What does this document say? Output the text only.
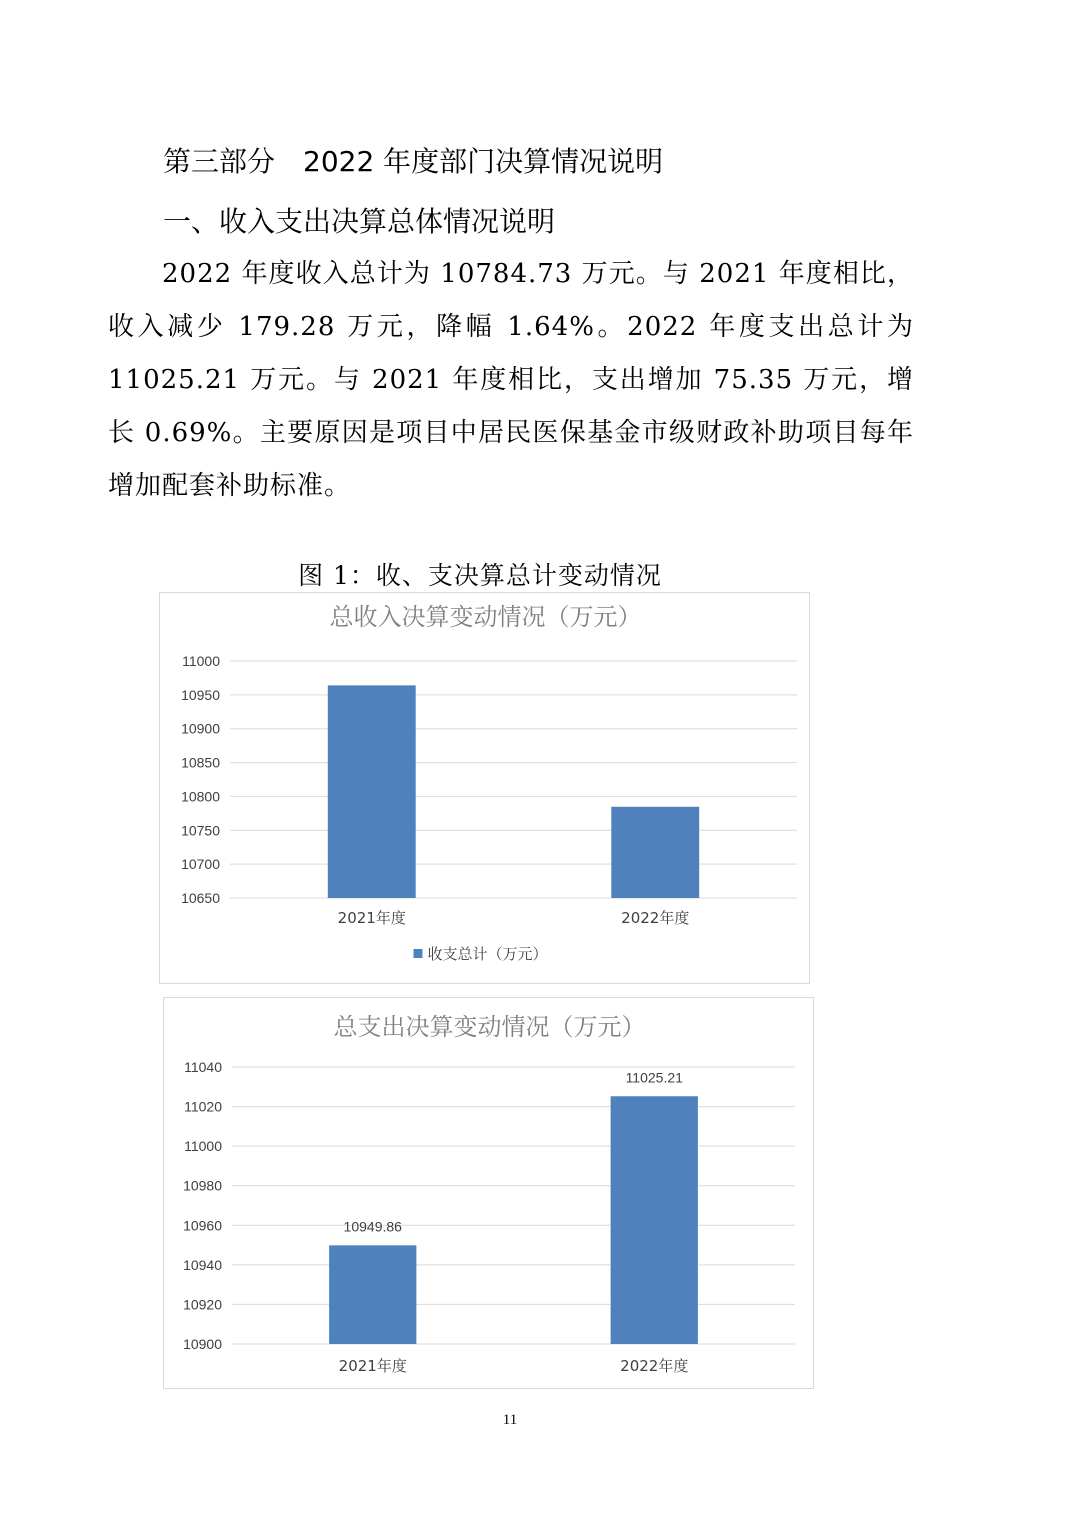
第三部分　2022 年度部门决算情况说明
一、收入支出决算总体情况说明

2022 年度收入总计为 10784.73 万元。与 2021 年度相比，收入减少 179.28 万元，降幅 1.64%。2022 年度支出总计为 11025.21 万元。与 2021 年度相比，支出增加 75.35 万元，增长 0.69%。主要原因是项目中居民医保基金市级财政补助项目每年增加配套补助标准。

图 1：收、支决算总计变动情况

总收入决算变动情况（万元）
10650
10700
10750
10800
10850
10900
10950
11000
2021年度	2022年度
收支总计（万元）
总支出决算变动情况（万元）
10900
10920
10940
10960
10980
11000
11020
11040
2021年度
10949.86
2022年度
11025.21
11
